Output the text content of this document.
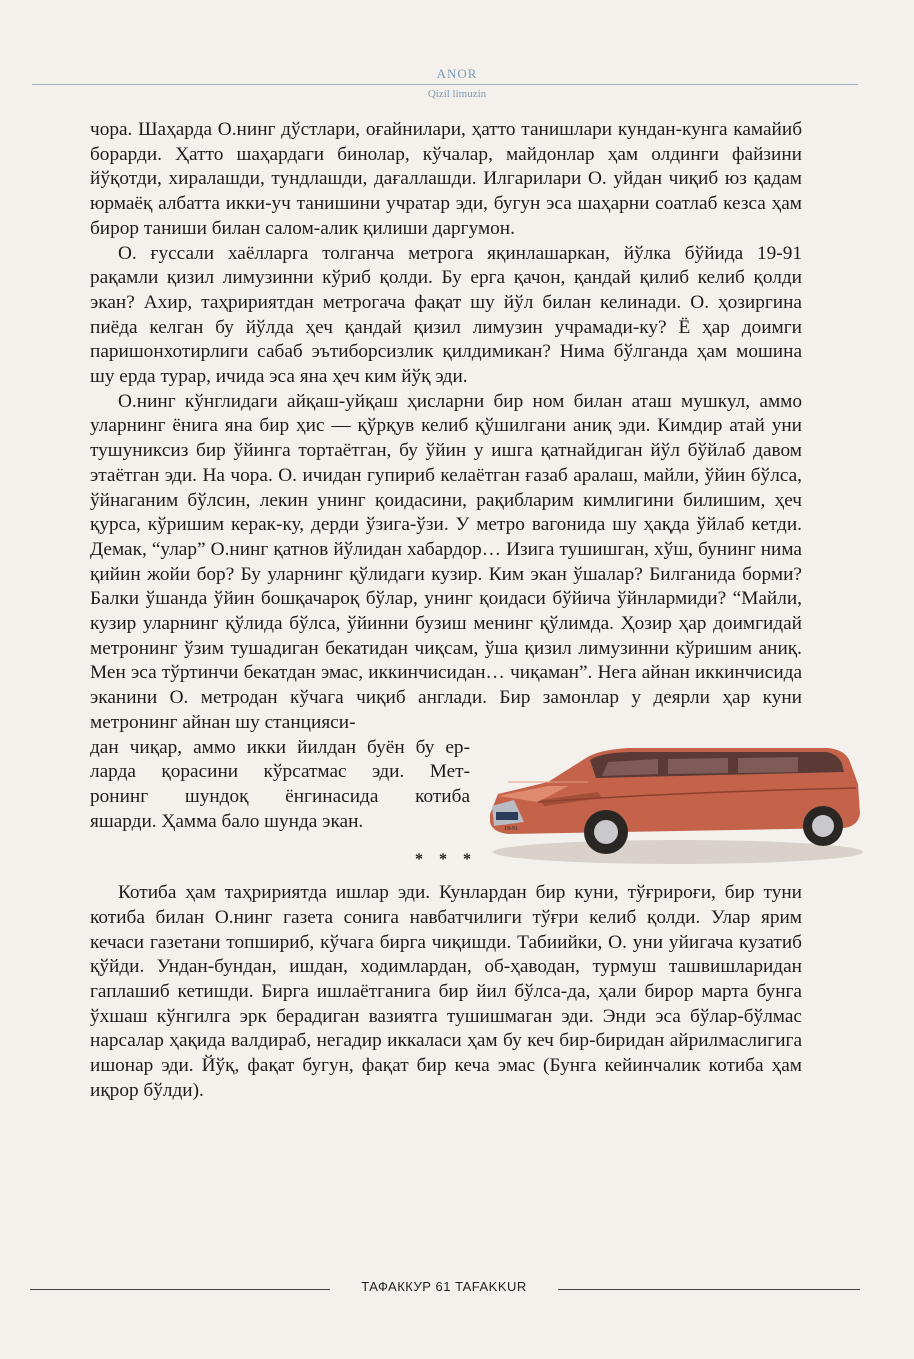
ANOR
Qizil limuzin

чора. Шаҳарда О.нинг дўстлари, оғайнилари, ҳатто танишлари кундан-кунга камайиб борарди. Ҳатто шаҳардаги бинолар, кўчалар, майдонлар ҳам олдинги файзини йўқотди, хиралашди, тундлашди, дағаллашди. Илгарилари О. уйдан чиқиб юз қадам юрмаёқ албатта икки-уч танишини учратар эди, бугун эса шаҳарни соатлаб кезса ҳам бирор таниши билан салом-алик қилиши даргумон.

О. ғуссали хаёлларга толганча метрога яқинлашаркан, йўлка бўйида 19-91 рақамли қизил лимузинни кўриб қолди. Бу ерга қачон, қандай қилиб келиб қолди экан? Ахир, таҳририятдан метрогача фақат шу йўл билан келинади. О. ҳозиргина пиёда келган бу йўлда ҳеч қандай қизил лимузин учрамади-ку? Ё ҳар доимги паришонхотирлиги сабаб эътиборсизлик қилдимикан? Нима бўлганда ҳам мошина шу ерда турар, ичида эса яна ҳеч ким йўқ эди.

О.нинг кўнглидаги айқаш-уйқаш ҳисларни бир ном билан аташ мушкул, аммо уларнинг ёнига яна бир ҳис — қўрқув келиб қўшилгани аниқ эди. Кимдир атай уни тушуниксиз бир ўйинга тортаётган, бу ўйин у ишга қатнайдиган йўл бўйлаб давом этаётган эди. На чора. О. ичидан гупириб келаётган ғазаб аралаш, майли, ўйин бўлса, ўйнаганим бўлсин, лекин унинг қоидасини, рақибларим кимлигини билишим, ҳеч қурса, кўришим керак-ку, дерди ўзига-ўзи. У метро вагонида шу ҳақда ўйлаб кетди. Демак, “улар” О.нинг қатнов йўлидан хабардор… Изига тушишган, хўш, бунинг нима қийин жойи бор? Бу уларнинг қўлидаги кузир. Ким экан ўшалар? Билганида борми? Балки ўшанда ўйин бошқачароқ бўлар, унинг қоидаси бўйича ўйнлармиди? “Майли, кузир уларнинг қўлида бўлса, ўйинни бузиш менинг қўлимда. Ҳозир ҳар доимгидай метронинг ўзим тушадиган бекатидан чиқсам, ўша қизил лимузинни кўришим аниқ. Мен эса тўртинчи бекатдан эмас, иккинчисидан… чиқаман”. Нега айнан иккинчисида эканини О. метродан кўчага чиқиб англади. Бир замонлар у деярли ҳар куни метронинг айнан шу станцияси-

дан чиқар, аммо икки йилдан буён бу ер-
ларда қорасини кўрсатмас эди. Мет-
ронинг шундоқ ёнгинасида котиба
яшарди. Ҳамма бало шунда экан.	19-91
* * *

Котиба ҳам таҳририятда ишлар эди. Кунлардан бир куни, тўғрироғи, бир туни котиба билан О.нинг газета сонига навбатчилиги тўғри келиб қолди. Улар ярим кечаси газетани топшириб, кўчага бирга чиқишди. Табиийки, О. уни уйигача кузатиб қўйди. Ундан-бундан, ишдан, ходимлардан, об-ҳаводан, турмуш ташвишларидан гаплашиб кетишди. Бирга ишлаётганига бир йил бўлса-да, ҳали бирор марта бунга ўхшаш кўнгилга эрк берадиган вазиятга тушишмаган эди. Энди эса бўлар-бўлмас нарсалар ҳақида валдираб, негадир иккаласи ҳам бу кеч бир-биридан айрилмаслигига ишонар эди. Йўқ, фақат бугун, фақат бир кеча эмас (Бунга кейинчалик котиба ҳам иқрор бўлди).

ТАФАККУР 61 TAFAKKUR
